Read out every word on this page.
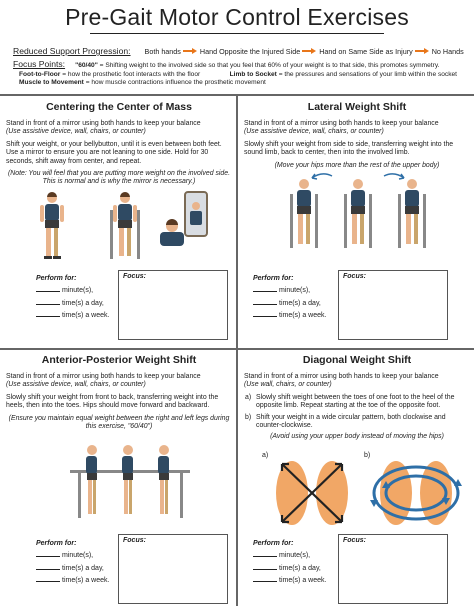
Pre-Gait Motor Control Exercises
Reduced Support Progression: Both hands	Hand Opposite the Injured Side	Hand on Same Side as Injury	No Hands
Focus Points: "60/40" = Shifting weight to the involved side so that you feel that 60% of your weight is to that side, this promotes symmetry.
Foot-to-Floor = how the prosthetic foot interacts with the floor	Limb to Socket = the pressures and sensations of your limb within the socket
Muscle to Movement = how muscle contractions influence the prosthetic movement
Centering the Center of Mass

Stand in front of a mirror using both hands to keep your balance
(Use assistive device, wall, chairs, or counter)

Shift your weight, or your bellybutton, until it is even between both feet. Use a mirror to ensure you are not leaning to one side. Hold for 30 seconds, shift away from center, and repeat.

(Note: You will feel that you are putting more weight on the involved side. This is normal and is why the mirror is necessary.)

Perform for:
minute(s),
time(s) a day,
time(s) a week.
Focus:
Lateral Weight Shift

Stand in front of a mirror using both hands to keep your balance
(Use assistive device, wall, chairs, or counter)

Slowly shift your weight from side to side, transferring weight into the sound limb, back to center, then into the involved limb.

(Move your hips more than the rest of the upper body)

Perform for:
minute(s),
time(s) a day,
time(s) a week.
Focus:
Anterior-Posterior Weight Shift

Stand in front of a mirror using both hands to keep your balance
(Use assistive device, wall, chairs, or counter)

Slowly shift your weight from front to back, transferring weight into the heels, then into the toes. Hips should move forward and backward.

(Ensure you maintain equal weight between the right and left legs during this exercise, "60/40")

Perform for:
minute(s),
time(s) a day,
time(s) a week.
Focus:
Diagonal Weight Shift

Stand in front of a mirror using both hands to keep your balance
(Use wall, chairs, or counter)

a) Slowly shift weight between the toes of one foot to the heel of the opposite limb. Repeat starting at the toe of the opposite foot.
b) Shift your weight in a wide circular pattern, both clockwise and counter-clockwise.

(Avoid using your upper body instead of moving the hips)

a)	b)
Perform for:
minute(s),
time(s) a day,
time(s) a week.
Focus:
